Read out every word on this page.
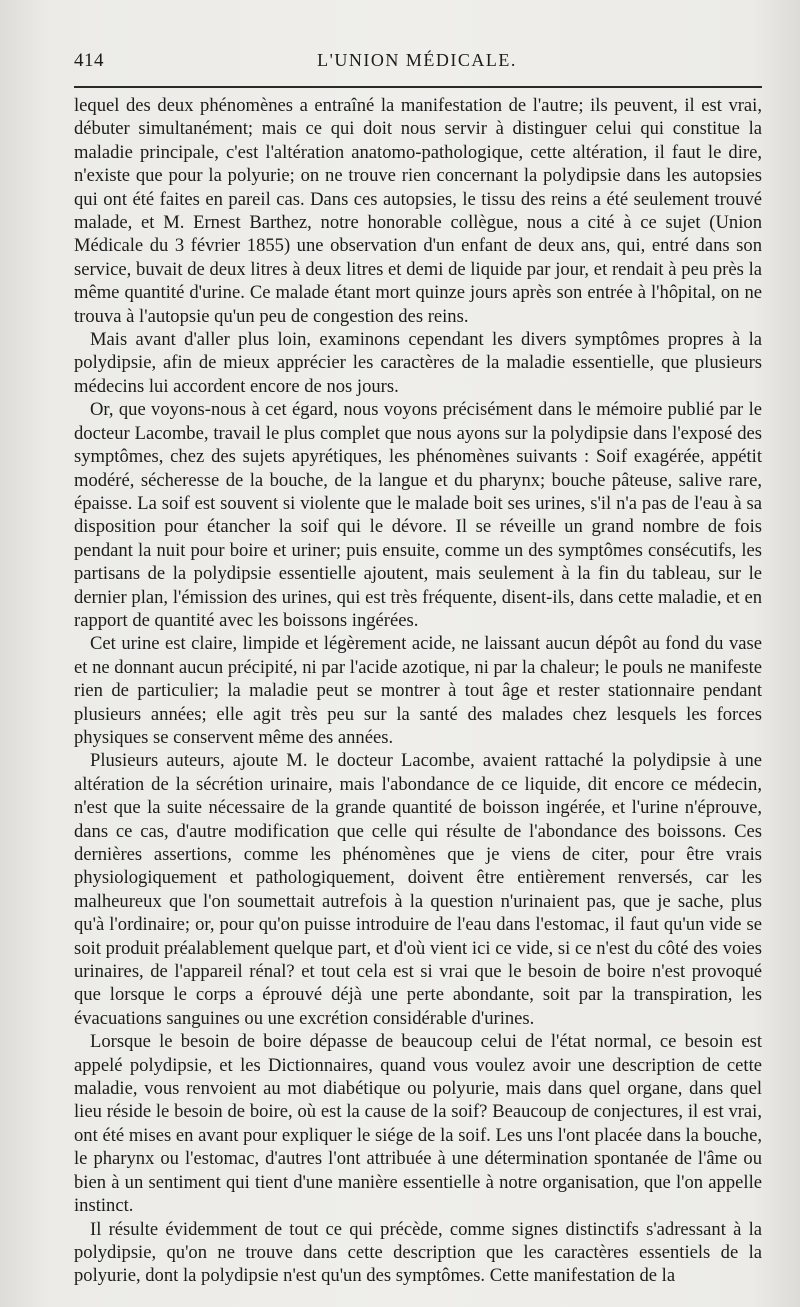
414	L'UNION MÉDICALE.

lequel des deux phénomènes a entraîné la manifestation de l'autre; ils peuvent, il est vrai, débuter simultanément; mais ce qui doit nous servir à distinguer celui qui constitue la maladie principale, c'est l'altération anatomo-pathologique, cette altération, il faut le dire, n'existe que pour la polyurie; on ne trouve rien concernant la polydipsie dans les autopsies qui ont été faites en pareil cas. Dans ces autopsies, le tissu des reins a été seulement trouvé malade, et M. Ernest Barthez, notre honorable collègue, nous a cité à ce sujet (Union Médicale du 3 février 1855) une observation d'un enfant de deux ans, qui, entré dans son service, buvait de deux litres à deux litres et demi de liquide par jour, et rendait à peu près la même quantité d'urine. Ce malade étant mort quinze jours après son entrée à l'hôpital, on ne trouva à l'autopsie qu'un peu de congestion des reins.

Mais avant d'aller plus loin, examinons cependant les divers symptômes propres à la polydipsie, afin de mieux apprécier les caractères de la maladie essentielle, que plusieurs médecins lui accordent encore de nos jours.

Or, que voyons-nous à cet égard, nous voyons précisément dans le mémoire publié par le docteur Lacombe, travail le plus complet que nous ayons sur la polydipsie dans l'exposé des symptômes, chez des sujets apyrétiques, les phénomènes suivants : Soif exagérée, appétit modéré, sécheresse de la bouche, de la langue et du pharynx; bouche pâteuse, salive rare, épaisse. La soif est souvent si violente que le malade boit ses urines, s'il n'a pas de l'eau à sa disposition pour étancher la soif qui le dévore. Il se réveille un grand nombre de fois pendant la nuit pour boire et uriner; puis ensuite, comme un des symptômes consécutifs, les partisans de la polydipsie essentielle ajoutent, mais seulement à la fin du tableau, sur le dernier plan, l'émission des urines, qui est très fréquente, disent-ils, dans cette maladie, et en rapport de quantité avec les boissons ingérées.

Cet urine est claire, limpide et légèrement acide, ne laissant aucun dépôt au fond du vase et ne donnant aucun précipité, ni par l'acide azotique, ni par la chaleur; le pouls ne manifeste rien de particulier; la maladie peut se montrer à tout âge et rester stationnaire pendant plusieurs années; elle agit très peu sur la santé des malades chez lesquels les forces physiques se conservent même des années.

Plusieurs auteurs, ajoute M. le docteur Lacombe, avaient rattaché la polydipsie à une altération de la sécrétion urinaire, mais l'abondance de ce liquide, dit encore ce médecin, n'est que la suite nécessaire de la grande quantité de boisson ingérée, et l'urine n'éprouve, dans ce cas, d'autre modification que celle qui résulte de l'abondance des boissons. Ces dernières assertions, comme les phénomènes que je viens de citer, pour être vrais physiologiquement et pathologiquement, doivent être entièrement renversés, car les malheureux que l'on soumettait autrefois à la question n'urinaient pas, que je sache, plus qu'à l'ordinaire; or, pour qu'on puisse introduire de l'eau dans l'estomac, il faut qu'un vide se soit produit préalablement quelque part, et d'où vient ici ce vide, si ce n'est du côté des voies urinaires, de l'appareil rénal? et tout cela est si vrai que le besoin de boire n'est provoqué que lorsque le corps a éprouvé déjà une perte abondante, soit par la transpiration, les évacuations sanguines ou une excrétion considérable d'urines.

Lorsque le besoin de boire dépasse de beaucoup celui de l'état normal, ce besoin est appelé polydipsie, et les Dictionnaires, quand vous voulez avoir une description de cette maladie, vous renvoient au mot diabétique ou polyurie, mais dans quel organe, dans quel lieu réside le besoin de boire, où est la cause de la soif? Beaucoup de conjectures, il est vrai, ont été mises en avant pour expliquer le siége de la soif. Les uns l'ont placée dans la bouche, le pharynx ou l'estomac, d'autres l'ont attribuée à une détermination spontanée de l'âme ou bien à un sentiment qui tient d'une manière essentielle à notre organisation, que l'on appelle instinct.

Il résulte évidemment de tout ce qui précède, comme signes distinctifs s'adressant à la polydipsie, qu'on ne trouve dans cette description que les caractères essentiels de la polyurie, dont la polydipsie n'est qu'un des symptômes. Cette manifestation de la
